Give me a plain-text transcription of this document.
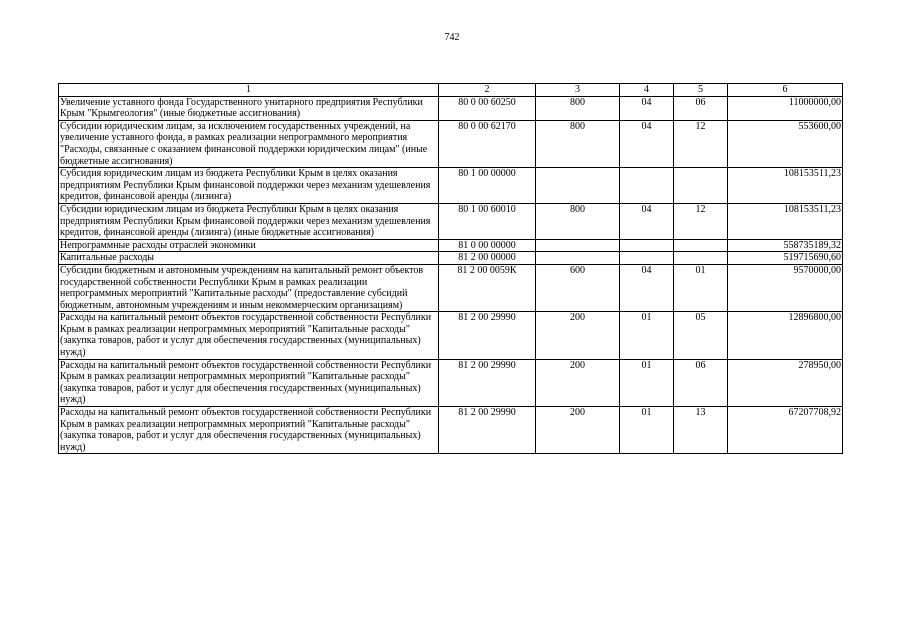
742
1	2	3	4	5	6
Увеличение уставного фонда Государственного унитарного предприятия Республики Крым "Крымгеология" (иные бюджетные ассигнования)	80 0 00 60250	800	04	06	11000000,00
Субсидии юридическим лицам, за исключением государственных учреждений, на увеличение уставного фонда, в рамках реализации непрограммного мероприятия "Расходы, связанные с оказанием финансовой поддержки юридическим лицам" (иные бюджетные ассигнования)	80 0 00 62170	800	04	12	553600,00
Субсидия юридическим лицам из бюджета Республики Крым в целях оказания предприятиям Республики Крым финансовой поддержки через механизм удешевления кредитов, финансовой аренды (лизинга)	80 1 00 00000				108153511,23
Субсидии юридическим лицам из бюджета Республики Крым в целях оказания предприятиям Республики Крым финансовой поддержки через механизм удешевления кредитов, финансовой аренды (лизинга) (иные бюджетные ассигнования)	80 1 00 60010	800	04	12	108153511,23
Непрограммные расходы отраслей экономики	81 0 00 00000				558735189,32
Капитальные расходы	81 2 00 00000				519715690,60
Субсидии бюджетным и автономным учреждениям на капитальный ремонт объектов государственной собственности Республики Крым в рамках реализации непрограммных мероприятий "Капитальные расходы" (предоставление субсидий бюджетным, автономным учреждениям и иным некоммерческим организациям)	81 2 00 0059К	600	04	01	9570000,00
Расходы на капитальный ремонт объектов государственной собственности Республики Крым в рамках реализации непрограммных мероприятий "Капитальные расходы" (закупка товаров, работ и услуг для обеспечения государственных (муниципальных) нужд)	81 2 00 29990	200	01	05	12896800,00
Расходы на капитальный ремонт объектов государственной собственности Республики Крым в рамках реализации непрограммных мероприятий "Капитальные расходы" (закупка товаров, работ и услуг для обеспечения государственных (муниципальных) нужд)	81 2 00 29990	200	01	06	278950,00
Расходы на капитальный ремонт объектов государственной собственности Республики Крым в рамках реализации непрограммных мероприятий "Капитальные расходы" (закупка товаров, работ и услуг для обеспечения государственных (муниципальных) нужд)	81 2 00 29990	200	01	13	67207708,92
